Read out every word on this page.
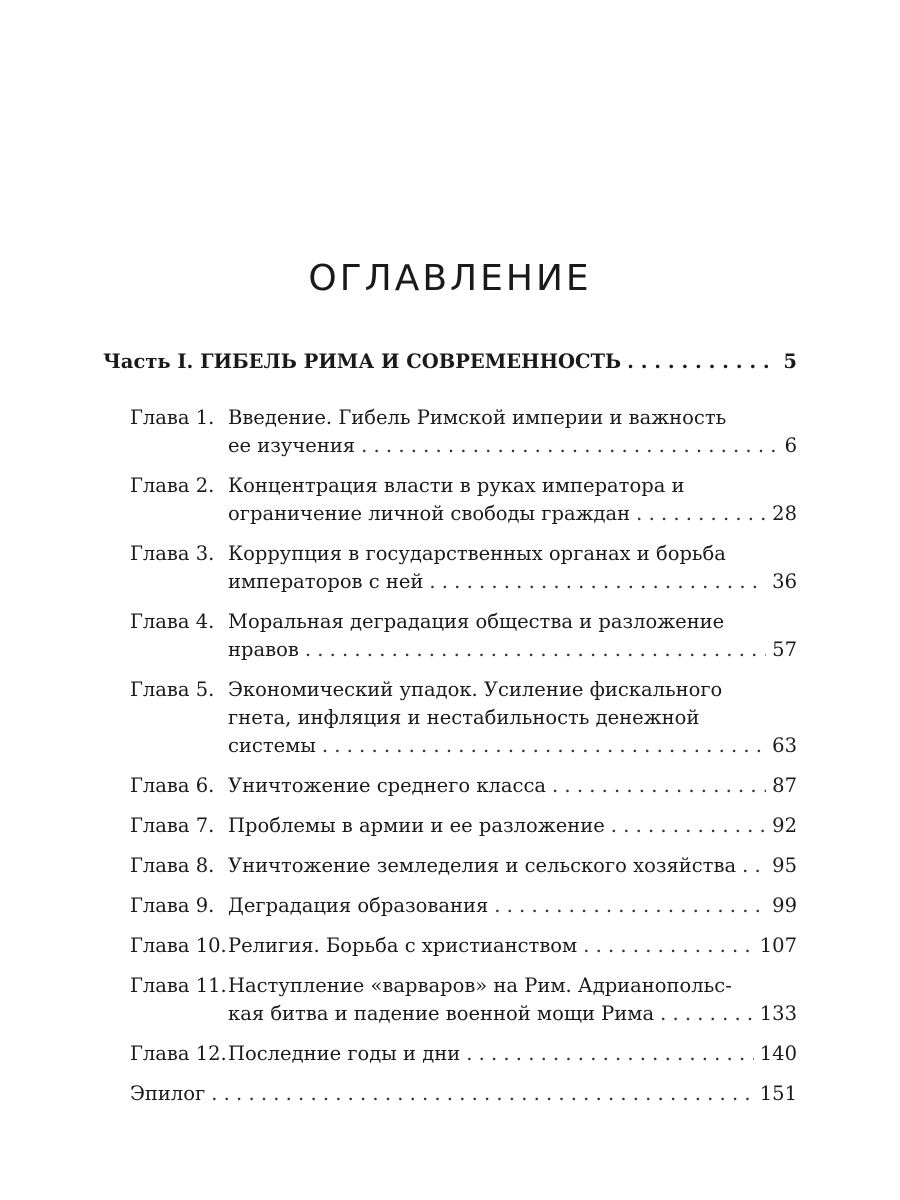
ОГЛАВЛЕНИЕ
Часть I. ГИБЕЛЬ РИМА И СОВРЕМЕННОСТЬ . . .	5
Глава 1. Введение. Гибель Римской империи и важность
ее изучения . . .	6
Глава 2. Концентрация власти в руках императора и
ограничение личной свободы граждан . . .	28
Глава 3. Коррупция в государственных органах и борьба
императоров с ней . . .	36
Глава 4. Моральная деградация общества и разложение
нравов . . .	57
Глава 5. Экономический упадок. Усиление фискального
гнета, инфляция и нестабильность денежной
системы . . .	63
Глава 6. Уничтожение среднего класса . . .	87
Глава 7. Проблемы в армии и ее разложение . . .	92
Глава 8. Уничтожение земледелия и сельского хозяйства . . . 95
Глава 9. Деградация образования . . .	99
Глава 10. Религия. Борьба с христианством . . .	107
Глава 11. Наступление «варваров» на Рим. Адрианопольс-
кая битва и падение военной мощи Рима . . .	133
Глава 12. Последние годы и дни . . .	140
Эпилог . . .	151
